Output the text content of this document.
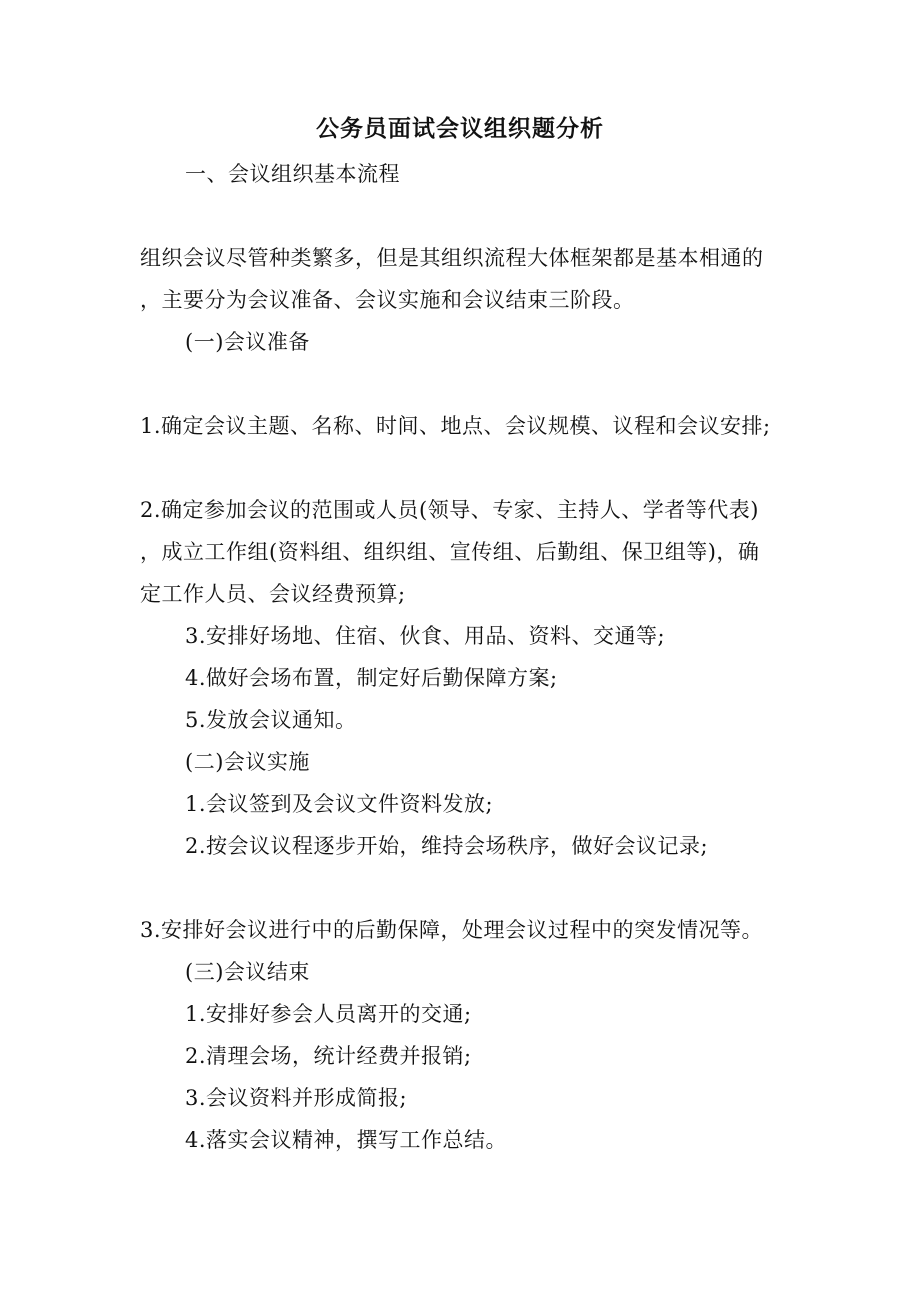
公务员面试会议组织题分析
一、会议组织基本流程
组织会议尽管种类繁多，但是其组织流程大体框架都是基本相通的
，主要分为会议准备、会议实施和会议结束三阶段。
(一)会议准备
1.确定会议主题、名称、时间、地点、会议规模、议程和会议安排;
2.确定参加会议的范围或人员(领导、专家、主持人、学者等代表)
，成立工作组(资料组、组织组、宣传组、后勤组、保卫组等)，确
定工作人员、会议经费预算;
3.安排好场地、住宿、伙食、用品、资料、交通等;
4.做好会场布置，制定好后勤保障方案;
5.发放会议通知。
(二)会议实施
1.会议签到及会议文件资料发放;
2.按会议议程逐步开始，维持会场秩序，做好会议记录;
3.安排好会议进行中的后勤保障，处理会议过程中的突发情况等。
(三)会议结束
1.安排好参会人员离开的交通;
2.清理会场，统计经费并报销;
3.会议资料并形成简报;
4.落实会议精神，撰写工作总结。
